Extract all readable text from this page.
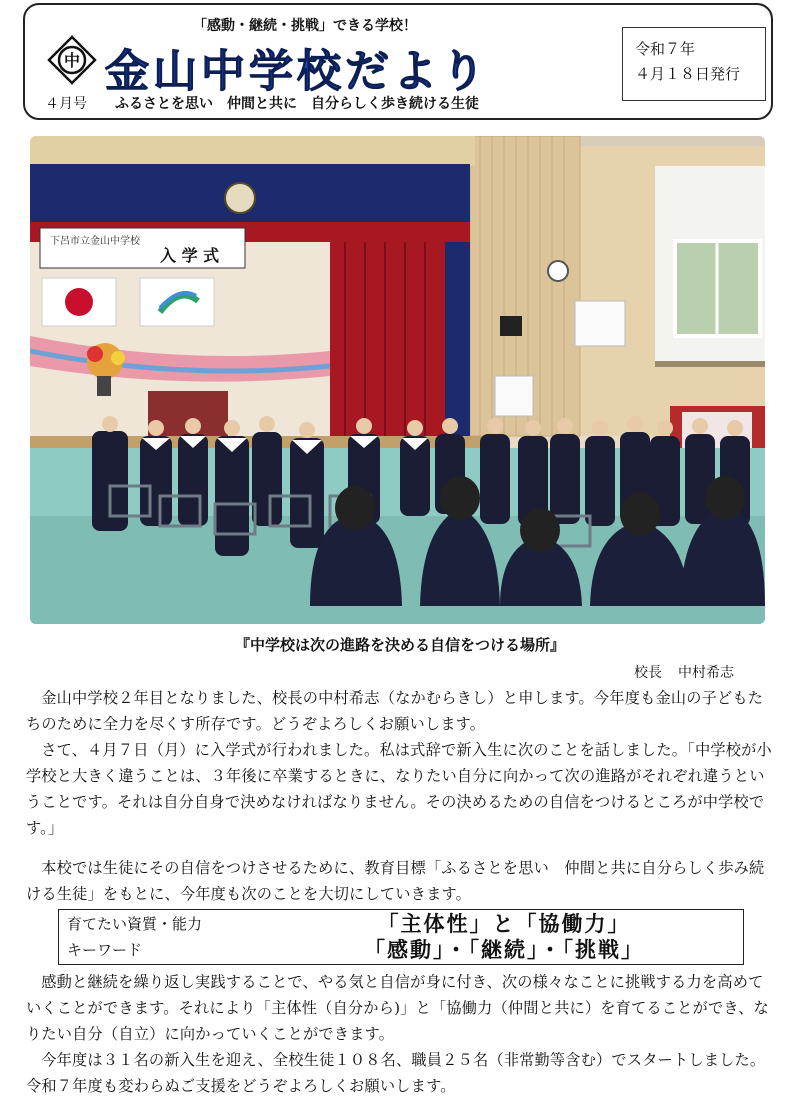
「感動・継続・挑戦」できる学校！
中 金山中学校だより	令和７年
４月１８日発行
４月号 ふるさとを思い　仲間と共に　自分らしく歩き続ける生徒
下呂市立金山中学校
入 学 式
『中学校は次の進路を決める自信をつける場所』
校長 中村希志

金山中学校２年目となりました、校長の中村希志（なかむらきし）と申します。今年度も金山の子どもたちのために全力を尽くす所存です。どうぞよろしくお願いします。

さて、４月７日（月）に入学式が行われました。私は式辞で新入生に次のことを話しました。「中学校が小学校と大きく違うことは、３年後に卒業するときに、なりたい自分に向かって次の進路がそれぞれ違うということです。それは自分自身で決めなければなりません。その決めるための自信をつけるところが中学校です。」

本校では生徒にその自信をつけさせるために、教育目標「ふるさとを思い　仲間と共に自分らしく歩み続ける生徒」をもとに、今年度も次のことを大切にしていきます。

育てたい資質・能力	「主体性」と「協働力」
キーワード	「感動」・「継続」・「挑戦」

感動と継続を繰り返し実践することで、やる気と自信が身に付き、次の様々なことに挑戦する力を高めていくことができます。それにより「主体性（自分から)」と「協働力（仲間と共に）を育てることができ、なりたい自分（自立）に向かっていくことができます。

今年度は３１名の新入生を迎え、全校生徒１０８名、職員２５名（非常勤等含む）でスタートしました。令和７年度も変わらぬご支援をどうぞよろしくお願いします。
